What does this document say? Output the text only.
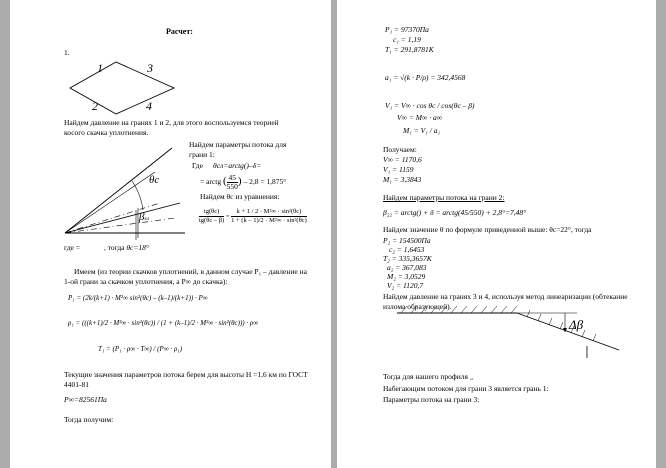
Расчет:
1.
1
2
3
4
Найдем давление на гранях 1 и 2, для этого воспользуемся теорией
косого скачка уплотнения.
θc
βкл
Найдем параметры потока для
грани 1:
Где θсл=arctg()–δ=
= arctg ( $\frac{45}{550}$ ) – 2,8 = 1,875°
Найдем θc из уравнения:
$\frac{tg(\theta c)}{tg(\theta c - \beta)} = \frac{\text{k + 1 / 2 · M²∞ · sin²(θc)}}{\text{1 + (k – 1)/2 · M²∞ · sin²(θc)}}$
где =	, тогда θc=18°
Имеем (из теории скачков уплотнений, в данном случае P₁ – давление на
1-ой грани за скачком уплотнения, а P∞ до скачка):
P₁ = (2k/(k+1) · M²∞ sin²(θc) – (k–1)/(k+1)) · P∞
ρ₁ = (((k+1)/2 · M²∞ · sin²(θc)) / (1 + (k–1)/2 · M²∞ · sin²(θc))) · ρ∞
T₁ = (P₁ · ρ∞ · T∞) / (P∞ · ρ₁)
Текущие значения параметров потока берем для высоты H =1,6 км по ГОСТ
4401-81
P∞=82561Па
Тогда получим:
P₁ = 97370Па
c₁ = 1,19
T₁ = 291,8781К
a₁ = √(k · P/ρ) = 342,4568
V₁ = V∞ · cos θc / cos(θc – β)
V∞ = M∞ · a∞
M₁ = V₁ / a₁
Получаем:
V∞ = 1170,6
V₁ = 1159
M₁ = 3,3843
Найдем параметры потока на грани 2:
β₂₂ = arctg() + δ = arctg(45/550) + 2,8°=7,48°
Найдем значение θ по формуле приведенной выше: θc=22°, тогда
P₂ = 154500Па
c₂ = 1,6453
T₂ = 335,3657К
a₂ = 367,083
M₂ = 3,0529
V₂ = 1120,7
Найдем давление на гранях 3 и 4, используя метод линеаризации (обтекание
излома образующей).
Δβ
Тогда для нашего профиля ₂₂
Набегающим потоком для грани 3 является грань 1:
Параметры потока на грани 3:
